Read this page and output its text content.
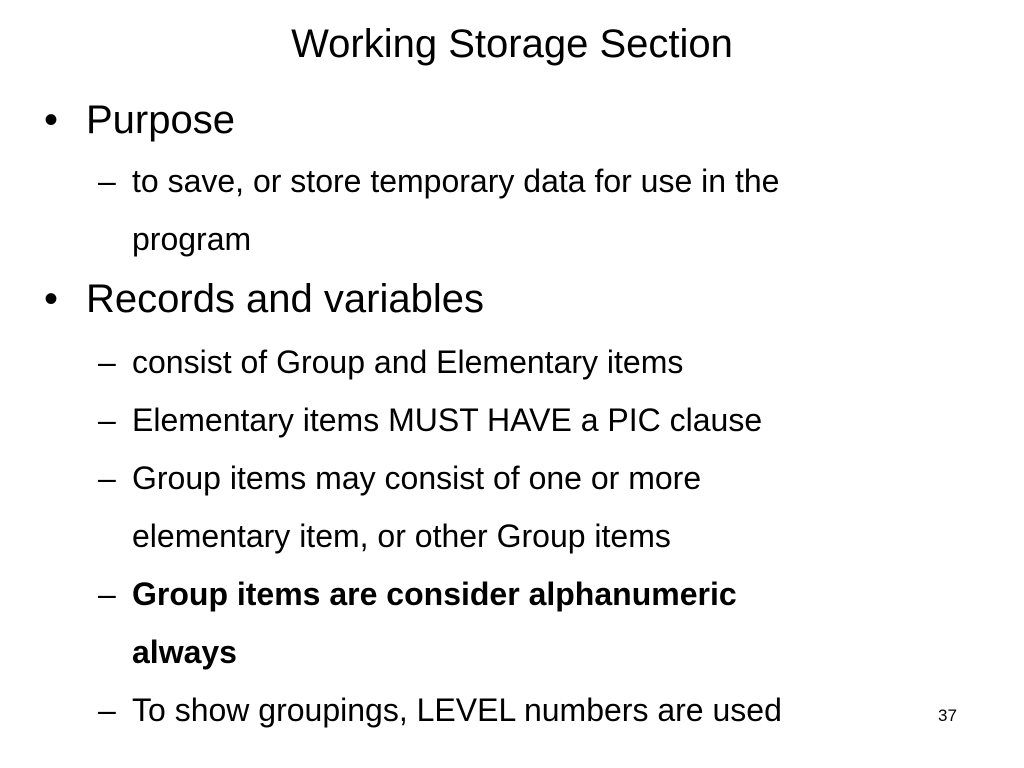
Working Storage Section
• Purpose
– to save, or store temporary data for use in the
program
• Records and variables
– consist of Group and Elementary items
– Elementary items MUST HAVE a PIC clause
– Group items may consist of one or more
elementary item, or other Group items
– Group items are consider alphanumeric
always
– To show groupings, LEVEL numbers are used	37
